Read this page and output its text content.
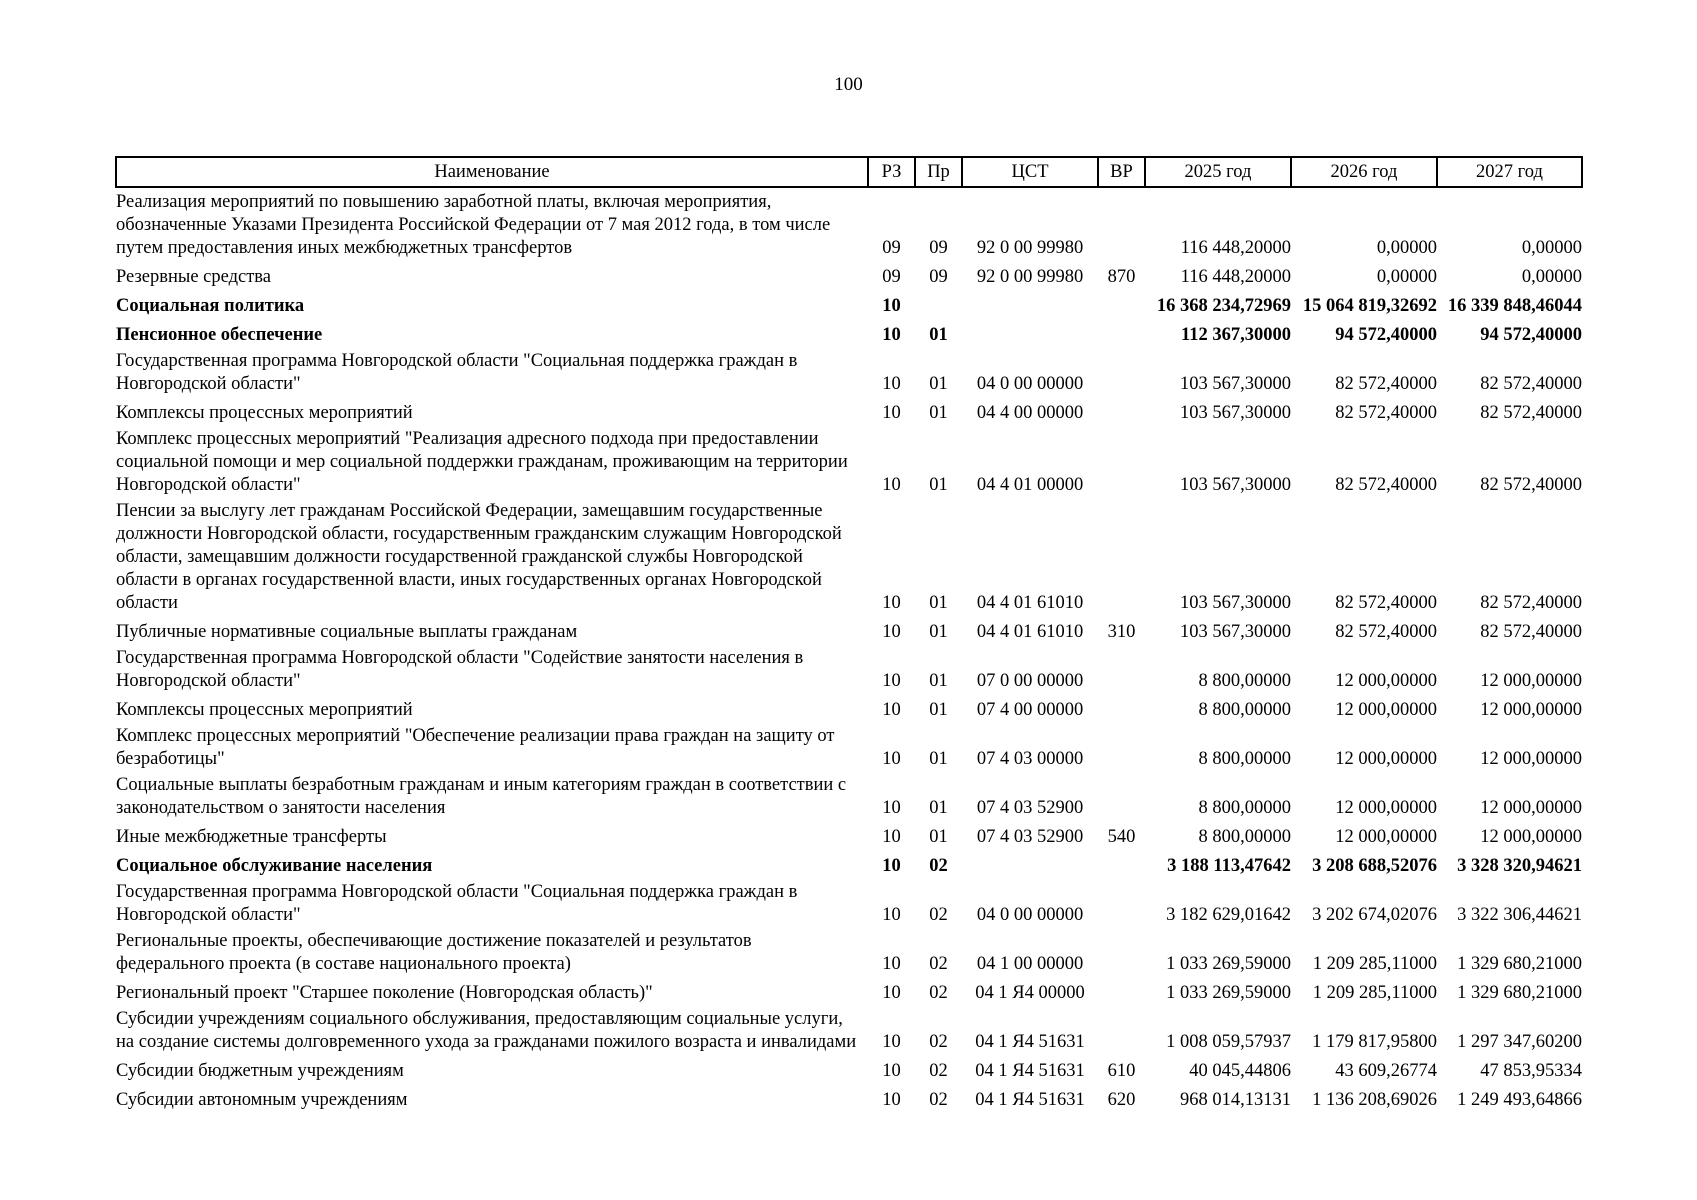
100
Наименование	РЗ	Пр	ЦСТ	ВР	2025 год	2026 год	2027 год
Реализация мероприятий по повышению заработной платы, включая мероприятия, обозначенные Указами Президента Российской Федерации от 7 мая 2012 года, в том числе путем предоставления иных межбюджетных трансфертов	09	09	92 0 00 99980		116 448,20000	0,00000	0,00000
Резервные средства	09	09	92 0 00 99980	870	116 448,20000	0,00000	0,00000
Социальная политика	10				16 368 234,72969	15 064 819,32692	16 339 848,46044
Пенсионное обеспечение	10	01			112 367,30000	94 572,40000	94 572,40000
Государственная программа Новгородской области "Социальная поддержка граждан в Новгородской области"	10	01	04 0 00 00000		103 567,30000	82 572,40000	82 572,40000
Комплексы процессных мероприятий	10	01	04 4 00 00000		103 567,30000	82 572,40000	82 572,40000
Комплекс процессных мероприятий "Реализация адресного подхода при предоставлении социальной помощи и мер социальной поддержки гражданам, проживающим на территории Новгородской области"	10	01	04 4 01 00000		103 567,30000	82 572,40000	82 572,40000
Пенсии за выслугу лет гражданам Российской Федерации, замещавшим государственные должности Новгородской области, государственным гражданским служащим Новгородской области, замещавшим должности государственной гражданской службы Новгородской области в органах государственной власти, иных государственных органах Новгородской области	10	01	04 4 01 61010		103 567,30000	82 572,40000	82 572,40000
Публичные нормативные социальные выплаты гражданам	10	01	04 4 01 61010	310	103 567,30000	82 572,40000	82 572,40000
Государственная программа Новгородской области "Содействие занятости населения в Новгородской области"	10	01	07 0 00 00000		8 800,00000	12 000,00000	12 000,00000
Комплексы процессных мероприятий	10	01	07 4 00 00000		8 800,00000	12 000,00000	12 000,00000
Комплекс процессных мероприятий "Обеспечение реализации права граждан на защиту от безработицы"	10	01	07 4 03 00000		8 800,00000	12 000,00000	12 000,00000
Социальные выплаты безработным гражданам и иным категориям граждан в соответствии с законодательством о занятости населения	10	01	07 4 03 52900		8 800,00000	12 000,00000	12 000,00000
Иные межбюджетные трансферты	10	01	07 4 03 52900	540	8 800,00000	12 000,00000	12 000,00000
Социальное обслуживание населения	10	02			3 188 113,47642	3 208 688,52076	3 328 320,94621
Государственная программа Новгородской области "Социальная поддержка граждан в Новгородской области"	10	02	04 0 00 00000		3 182 629,01642	3 202 674,02076	3 322 306,44621
Региональные проекты, обеспечивающие достижение показателей и результатов федерального проекта (в составе национального проекта)	10	02	04 1 00 00000		1 033 269,59000	1 209 285,11000	1 329 680,21000
Региональный проект "Старшее поколение (Новгородская область)"	10	02	04 1 Я4 00000		1 033 269,59000	1 209 285,11000	1 329 680,21000
Субсидии учреждениям социального обслуживания, предоставляющим социальные услуги, на создание системы долговременного ухода за гражданами пожилого возраста и инвалидами	10	02	04 1 Я4 51631		1 008 059,57937	1 179 817,95800	1 297 347,60200
Субсидии бюджетным учреждениям	10	02	04 1 Я4 51631	610	40 045,44806	43 609,26774	47 853,95334
Субсидии автономным учреждениям	10	02	04 1 Я4 51631	620	968 014,13131	1 136 208,69026	1 249 493,64866
